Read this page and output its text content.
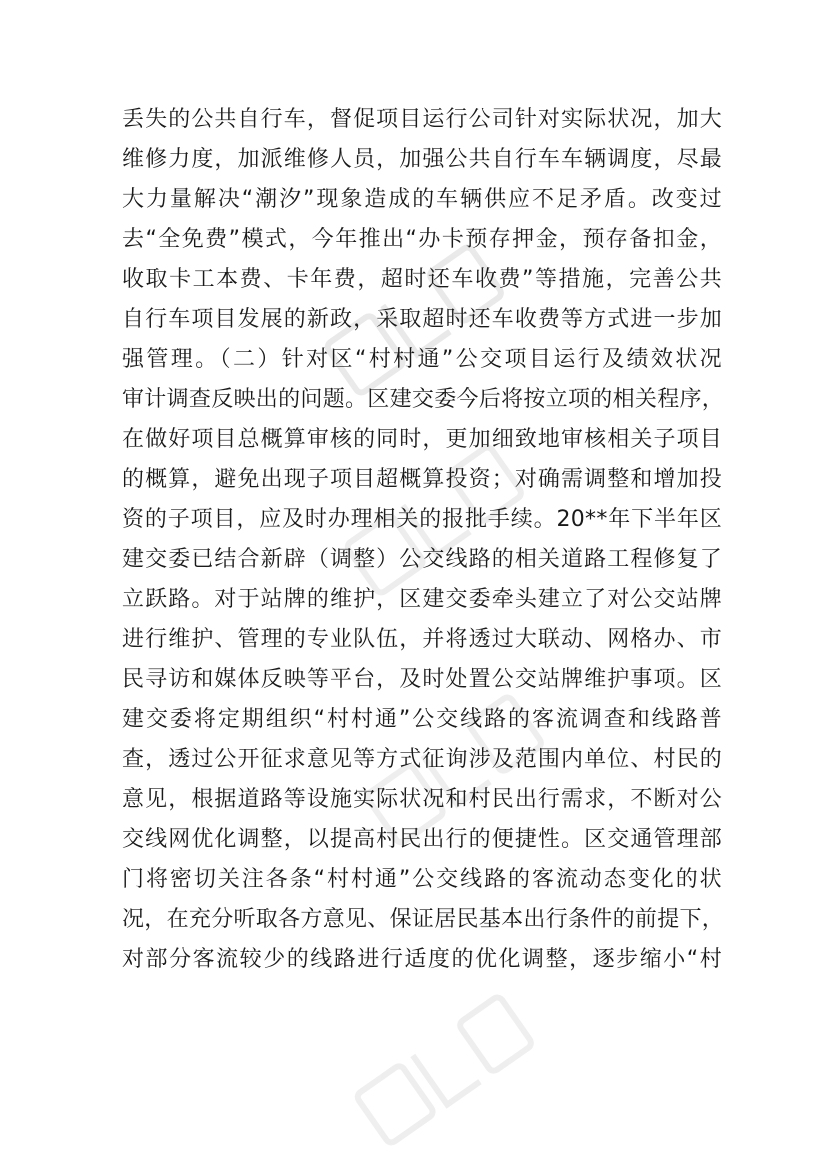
丢失的公共自行车，督促项目运行公司针对实际状况，加大
维修力度，加派维修人员，加强公共自行车车辆调度，尽最
大力量解决“潮汐”现象造成的车辆供应不足矛盾。改变过
去“全免费”模式，今年推出“办卡预存押金，预存备扣金，
收取卡工本费、卡年费，超时还车收费”等措施，完善公共
自行车项目发展的新政，采取超时还车收费等方式进一步加
强管理。（二）针对区“村村通”公交项目运行及绩效状况
审计调查反映出的问题。区建交委今后将按立项的相关程序，
在做好项目总概算审核的同时，更加细致地审核相关子项目
的概算，避免出现子项目超概算投资；对确需调整和增加投
资的子项目，应及时办理相关的报批手续。20**年下半年区
建交委已结合新辟（调整）公交线路的相关道路工程修复了
立跃路。对于站牌的维护，区建交委牵头建立了对公交站牌
进行维护、管理的专业队伍，并将透过大联动、网格办、市
民寻访和媒体反映等平台，及时处置公交站牌维护事项。区
建交委将定期组织“村村通”公交线路的客流调查和线路普
查，透过公开征求意见等方式征询涉及范围内单位、村民的
意见，根据道路等设施实际状况和村民出行需求，不断对公
交线网优化调整，以提高村民出行的便捷性。区交通管理部
门将密切关注各条“村村通”公交线路的客流动态变化的状
况，在充分听取各方意见、保证居民基本出行条件的前提下，
对部分客流较少的线路进行适度的优化调整，逐步缩小“村
